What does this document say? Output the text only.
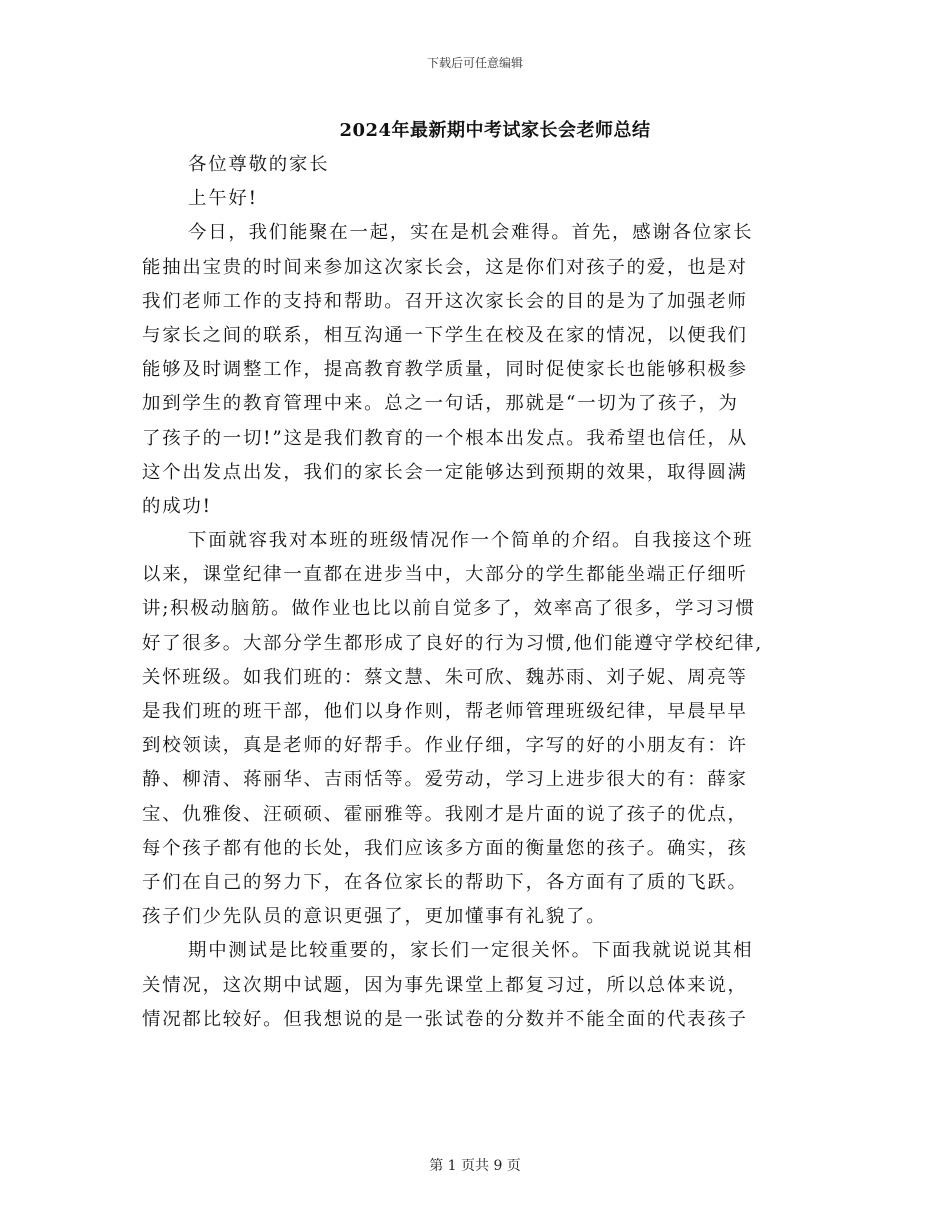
下载后可任意编辑
2024年最新期中考试家长会老师总结
各位尊敬的家长
上午好!
今日，我们能聚在一起，实在是机会难得。首先，感谢各位家长
能抽出宝贵的时间来参加这次家长会，这是你们对孩子的爱，也是对
我们老师工作的支持和帮助。召开这次家长会的目的是为了加强老师
与家长之间的联系，相互沟通一下学生在校及在家的情况，以便我们
能够及时调整工作，提高教育教学质量，同时促使家长也能够积极参
加到学生的教育管理中来。总之一句话，那就是“一切为了孩子，为
了孩子的一切!”这是我们教育的一个根本出发点。我希望也信任，从
这个出发点出发，我们的家长会一定能够达到预期的效果，取得圆满
的成功!
下面就容我对本班的班级情况作一个简单的介绍。自我接这个班
以来，课堂纪律一直都在进步当中，大部分的学生都能坐端正仔细听
讲;积极动脑筋。做作业也比以前自觉多了，效率高了很多，学习习惯
好了很多。大部分学生都形成了良好的行为习惯,他们能遵守学校纪律,
关怀班级。如我们班的：蔡文慧、朱可欣、魏苏雨、刘子妮、周亮等
是我们班的班干部，他们以身作则，帮老师管理班级纪律，早晨早早
到校领读，真是老师的好帮手。作业仔细，字写的好的小朋友有：许
静、柳清、蒋丽华、吉雨恬等。爱劳动，学习上进步很大的有：薛家
宝、仇雅俊、汪硕硕、霍丽雅等。我刚才是片面的说了孩子的优点，
每个孩子都有他的长处，我们应该多方面的衡量您的孩子。确实，孩
子们在自己的努力下，在各位家长的帮助下，各方面有了质的飞跃。
孩子们少先队员的意识更强了，更加懂事有礼貌了。
期中测试是比较重要的，家长们一定很关怀。下面我就说说其相
关情况，这次期中试题，因为事先课堂上都复习过，所以总体来说，
情况都比较好。但我想说的是一张试卷的分数并不能全面的代表孩子
第 1 页共 9 页
